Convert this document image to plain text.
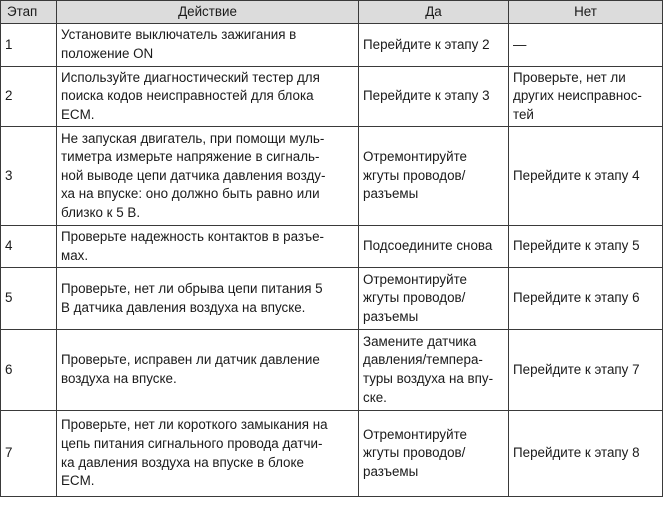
Этап	Действие	Да	Нет
1	Установите выключатель зажигания в
положение ON	Перейдите к этапу 2	—
2	Используйте диагностический тестер для
поиска кодов неисправностей для блока
ECM.	Перейдите к этапу 3	Проверьте, нет ли
других неисправнос-
тей
3	Не запуская двигатель, при помощи муль-
тиметра измерьте напряжение в сигналь-
ной выводе цепи датчика давления возду-
ха на впуске: оно должно быть равно или
близко к 5 В.	Отремонтируйте
жгуты проводов/
разъемы	Перейдите к этапу 4
4	Проверьте надежность контактов в разъе-
мах.	Подсоедините снова	Перейдите к этапу 5
5	Проверьте, нет ли обрыва цепи питания 5
В датчика давления воздуха на впуске.	Отремонтируйте
жгуты проводов/
разъемы	Перейдите к этапу 6
6	Проверьте, исправен ли датчик давление
воздуха на впуске.	Замените датчика
давления/темпера-
туры воздуха на впу-
ске.	Перейдите к этапу 7
7	Проверьте, нет ли короткого замыкания на
цепь питания сигнального провода датчи-
ка давления воздуха на впуске в блоке
ECM.	Отремонтируйте
жгуты проводов/
разъемы	Перейдите к этапу 8
